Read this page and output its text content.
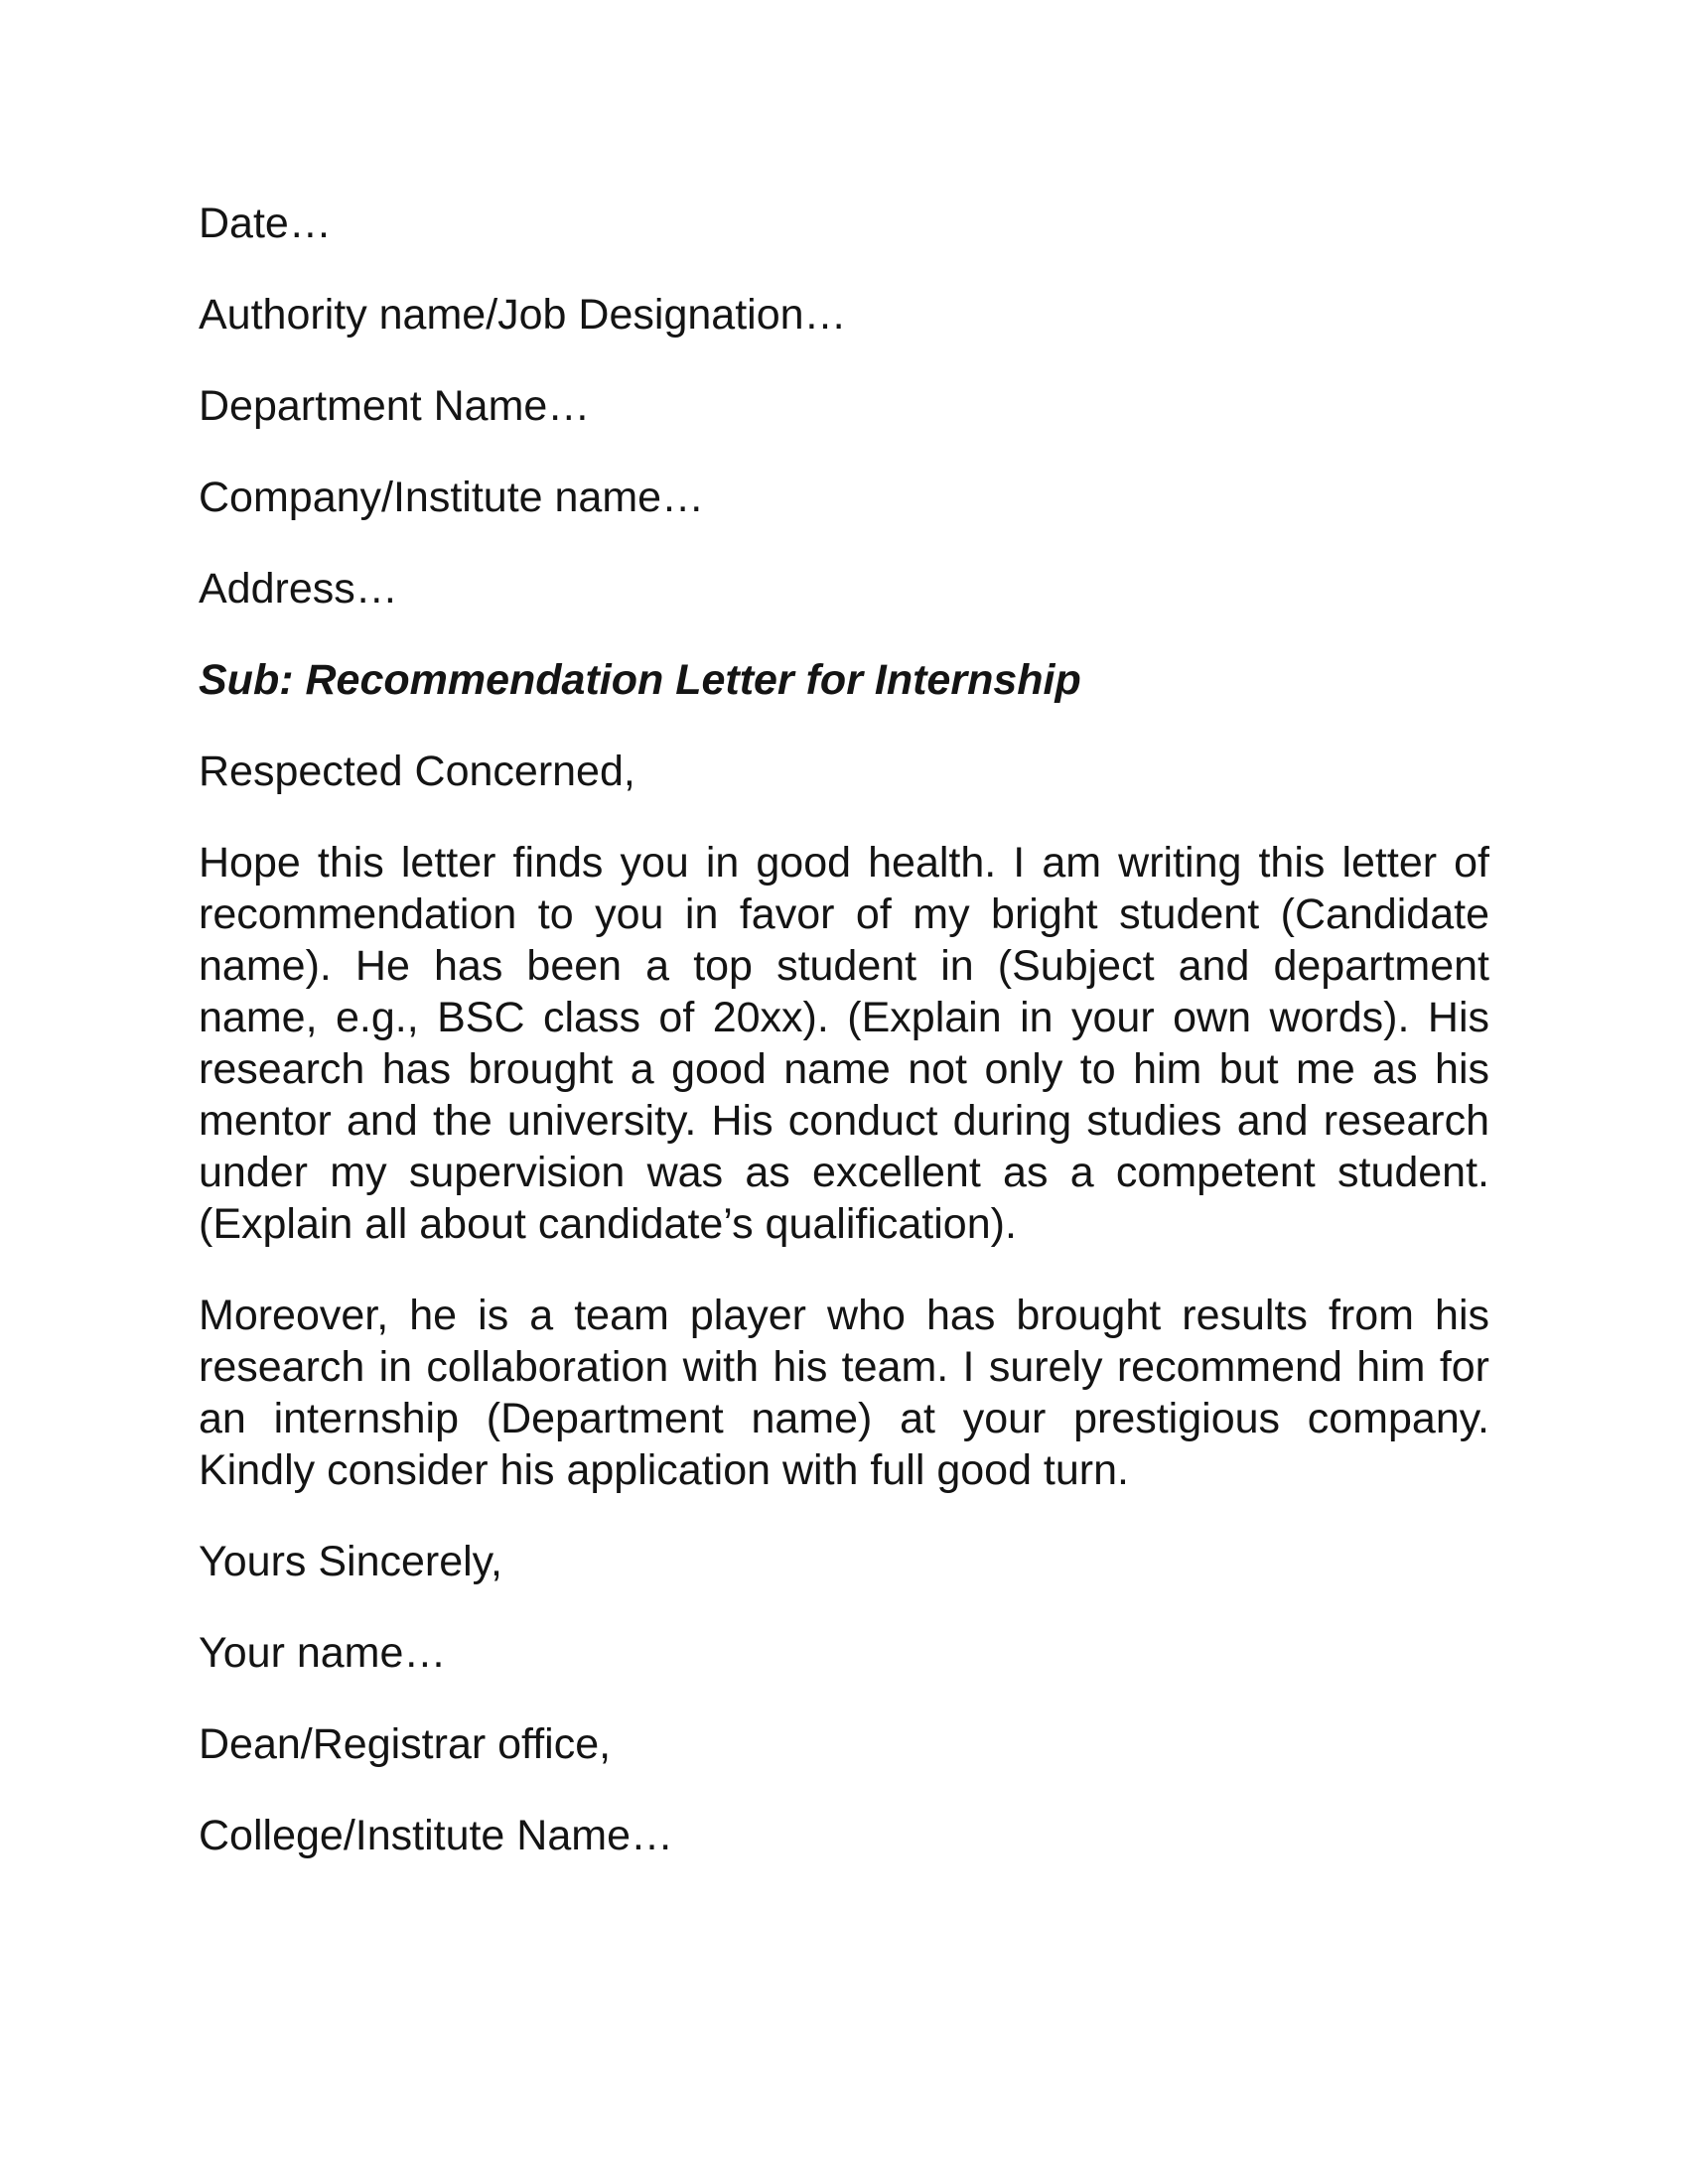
Date…

Authority name/Job Designation…

Department Name…

Company/Institute name…

Address…

Sub: Recommendation Letter for Internship

Respected Concerned,

Hope this letter finds you in good health. I am writing this letter of recommendation to you in favor of my bright student (Candidate name). He has been a top student in (Subject and department name, e.g., BSC class of 20xx). (Explain in your own words). His research has brought a good name not only to him but me as his mentor and the university. His conduct during studies and research under my supervision was as excellent as a competent student. (Explain all about candidate’s qualification).

Moreover, he is a team player who has brought results from his research in collaboration with his team. I surely recommend him for an internship (Department name) at your prestigious company. Kindly consider his application with full good turn.

Yours Sincerely,

Your name…

Dean/Registrar office,

College/Institute Name…
